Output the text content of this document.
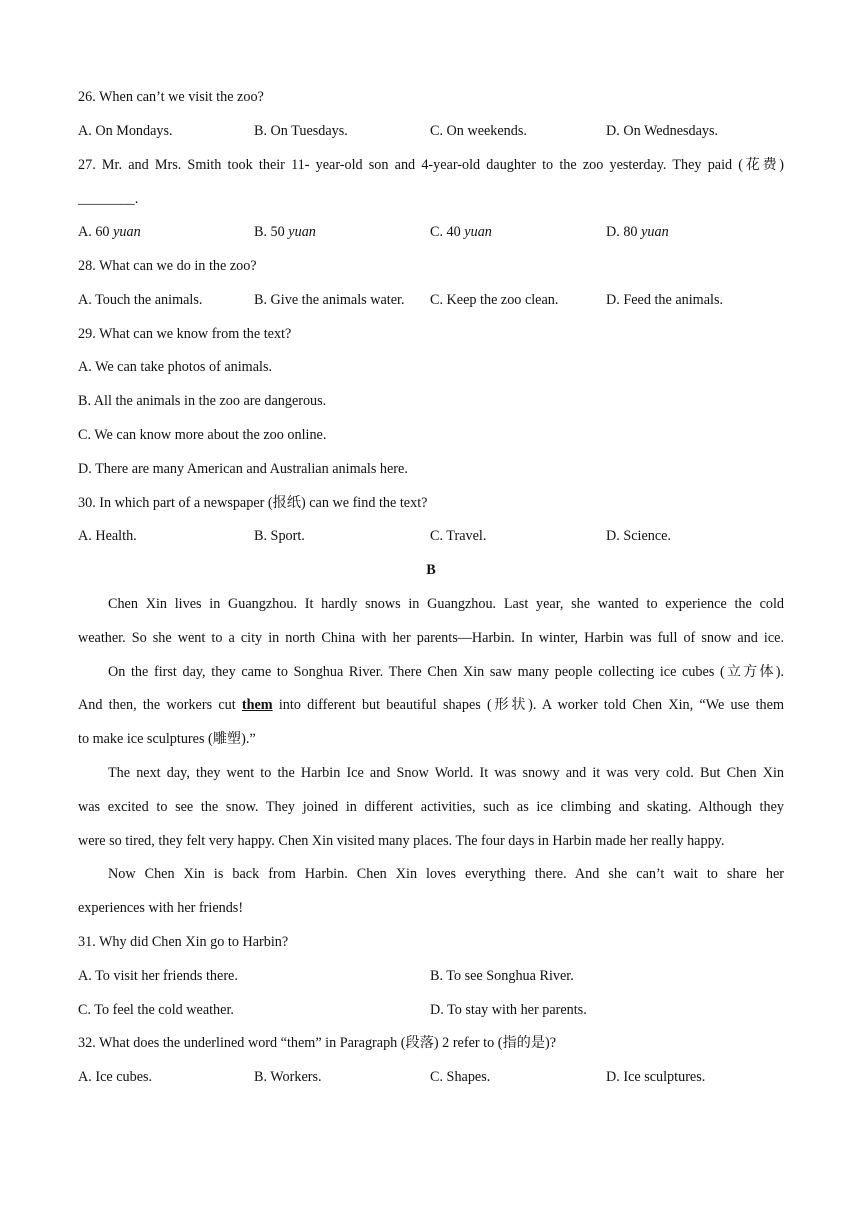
26. When can’t we visit the zoo?
A. On Mondays.	B. On Tuesdays.	C. On weekends.	D. On Wednesdays.
27. Mr. and Mrs. Smith took their 11- year-old son and 4-year-old daughter to the zoo yesterday. They paid (花费)
________.
A. 60 yuan	B. 50 yuan	C. 40 yuan	D. 80 yuan
28. What can we do in the zoo?
A. Touch the animals.	B. Give the animals water. C. Keep the zoo clean.	D. Feed the animals.
29. What can we know from the text?
A. We can take photos of animals.
B. All the animals in the zoo are dangerous.
C. We can know more about the zoo online.
D. There are many American and Australian animals here.
30. In which part of a newspaper (报纸) can we find the text?
A. Health.	B. Sport.	C. Travel.	D. Science.
B
Chen Xin lives in Guangzhou. It hardly snows in Guangzhou. Last year, she wanted to experience the cold
weather. So she went to a city in north China with her parents—Harbin. In winter, Harbin was full of snow and ice.
On the first day, they came to Songhua River. There Chen Xin saw many people collecting ice cubes (立方体).
And then, the workers cut them into different but beautiful shapes (形状). A worker told Chen Xin, “We use them
to make ice sculptures (雕塑).”
The next day, they went to the Harbin Ice and Snow World. It was snowy and it was very cold. But Chen Xin
was excited to see the snow. They joined in different activities, such as ice climbing and skating. Although they
were so tired, they felt very happy. Chen Xin visited many places. The four days in Harbin made her really happy.
Now Chen Xin is back from Harbin. Chen Xin loves everything there. And she can’t wait to share her
experiences with her friends!
31. Why did Chen Xin go to Harbin?
A. To visit her friends there.	B. To see Songhua River.
C. To feel the cold weather.	D. To stay with her parents.
32. What does the underlined word “them” in Paragraph (段落) 2 refer to (指的是)?
A. Ice cubes.	B. Workers.	C. Shapes.	D. Ice sculptures.
